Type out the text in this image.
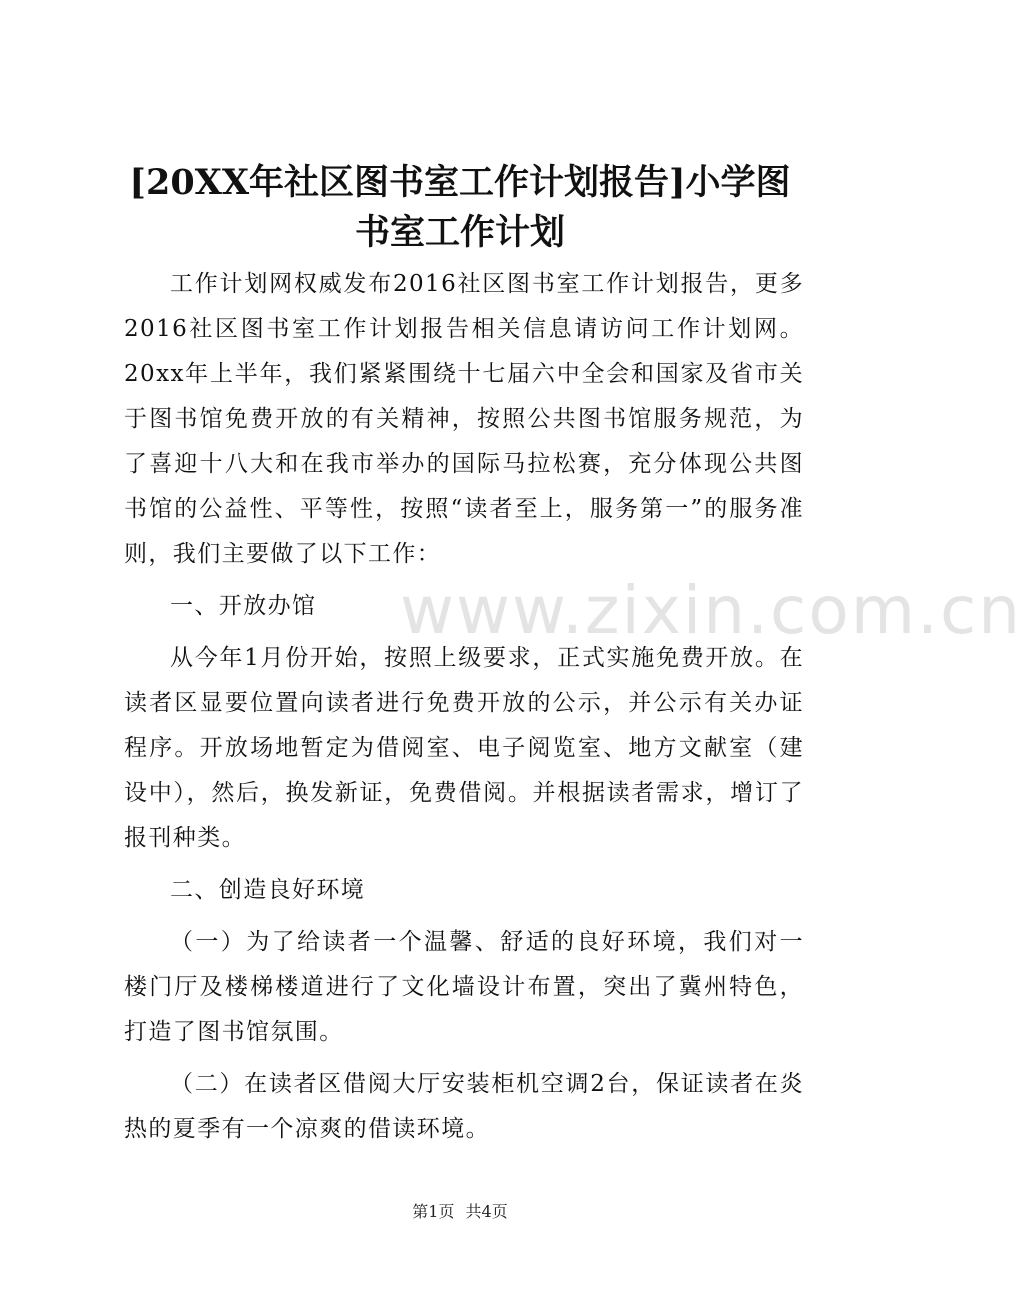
[20XX年社区图书室工作计划报告]小学图书室工作计划

工作计划网权威发布2016社区图书室工作计划报告，更多2016社区图书室工作计划报告相关信息请访问工作计划网。20xx年上半年，我们紧紧围绕十七届六中全会和国家及省市关于图书馆免费开放的有关精神，按照公共图书馆服务规范，为了喜迎十八大和在我市举办的国际马拉松赛，充分体现公共图书馆的公益性、平等性，按照“读者至上，服务第一”的服务准则，我们主要做了以下工作：

一、开放办馆

从今年1月份开始，按照上级要求，正式实施免费开放。在读者区显要位置向读者进行免费开放的公示，并公示有关办证程序。开放场地暂定为借阅室、电子阅览室、地方文献室（建设中），然后，换发新证，免费借阅。并根据读者需求，增订了报刊种类。

二、创造良好环境

（一）为了给读者一个温馨、舒适的良好环境，我们对一楼门厅及楼梯楼道进行了文化墙设计布置，突出了冀州特色，打造了图书馆氛围。

（二）在读者区借阅大厅安装柜机空调2台，保证读者在炎热的夏季有一个凉爽的借读环境。

www.zixin.com.cn
第1页 共4页
